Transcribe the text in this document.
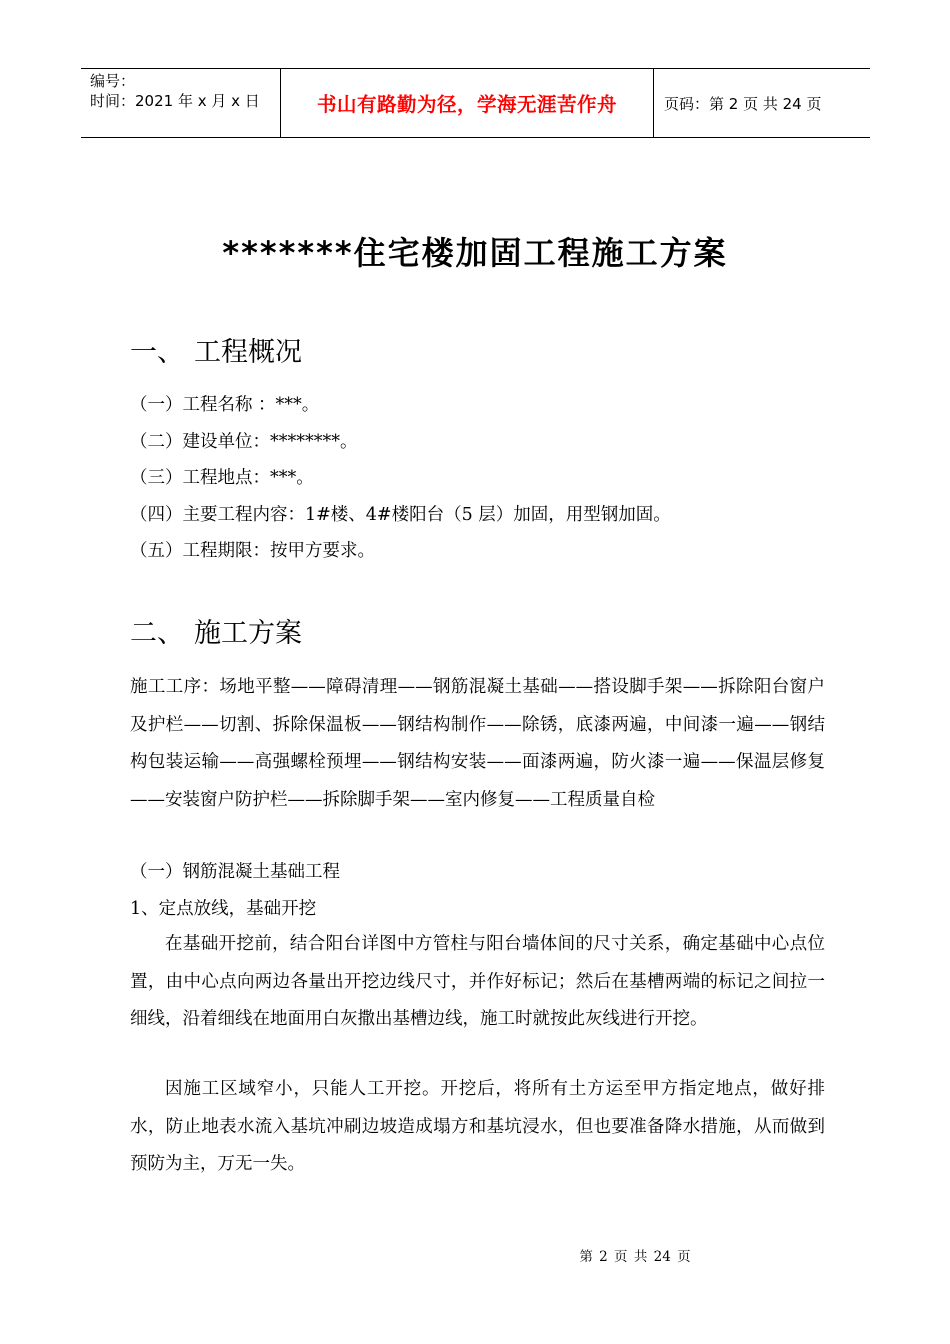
编号：
时间：2021 年 x 月 x 日	书山有路勤为径，学海无涯苦作舟	页码：第 2 页 共 24 页
*******住宅楼加固工程施工方案
一、 工程概况
（一）工程名称 ：***。
（二）建设单位：********。
（三）工程地点：***。
（四）主要工程内容：1#楼、4#楼阳台（5 层）加固，用型钢加固。
（五）工程期限：按甲方要求。
二、 施工方案
施工工序：场地平整——障碍清理——钢筋混凝土基础——搭设脚手架——拆除阳台窗户及护栏——切割、拆除保温板——钢结构制作——除锈，底漆两遍，中间漆一遍——钢结构包装运输——高强螺栓预埋——钢结构安装——面漆两遍，防火漆一遍——保温层修复——安装窗户防护栏——拆除脚手架——室内修复——工程质量自检
（一）钢筋混凝土基础工程
1、定点放线，基础开挖
在基础开挖前，结合阳台详图中方管柱与阳台墙体间的尺寸关系，确定基础中心点位置，由中心点向两边各量出开挖边线尺寸，并作好标记；然后在基槽两端的标记之间拉一细线，沿着细线在地面用白灰撒出基槽边线，施工时就按此灰线进行开挖。
因施工区域窄小，只能人工开挖。开挖后，将所有土方运至甲方指定地点，做好排水，防止地表水流入基坑冲刷边坡造成塌方和基坑浸水，但也要准备降水措施，从而做到预防为主，万无一失。
第 2 页 共 24 页
